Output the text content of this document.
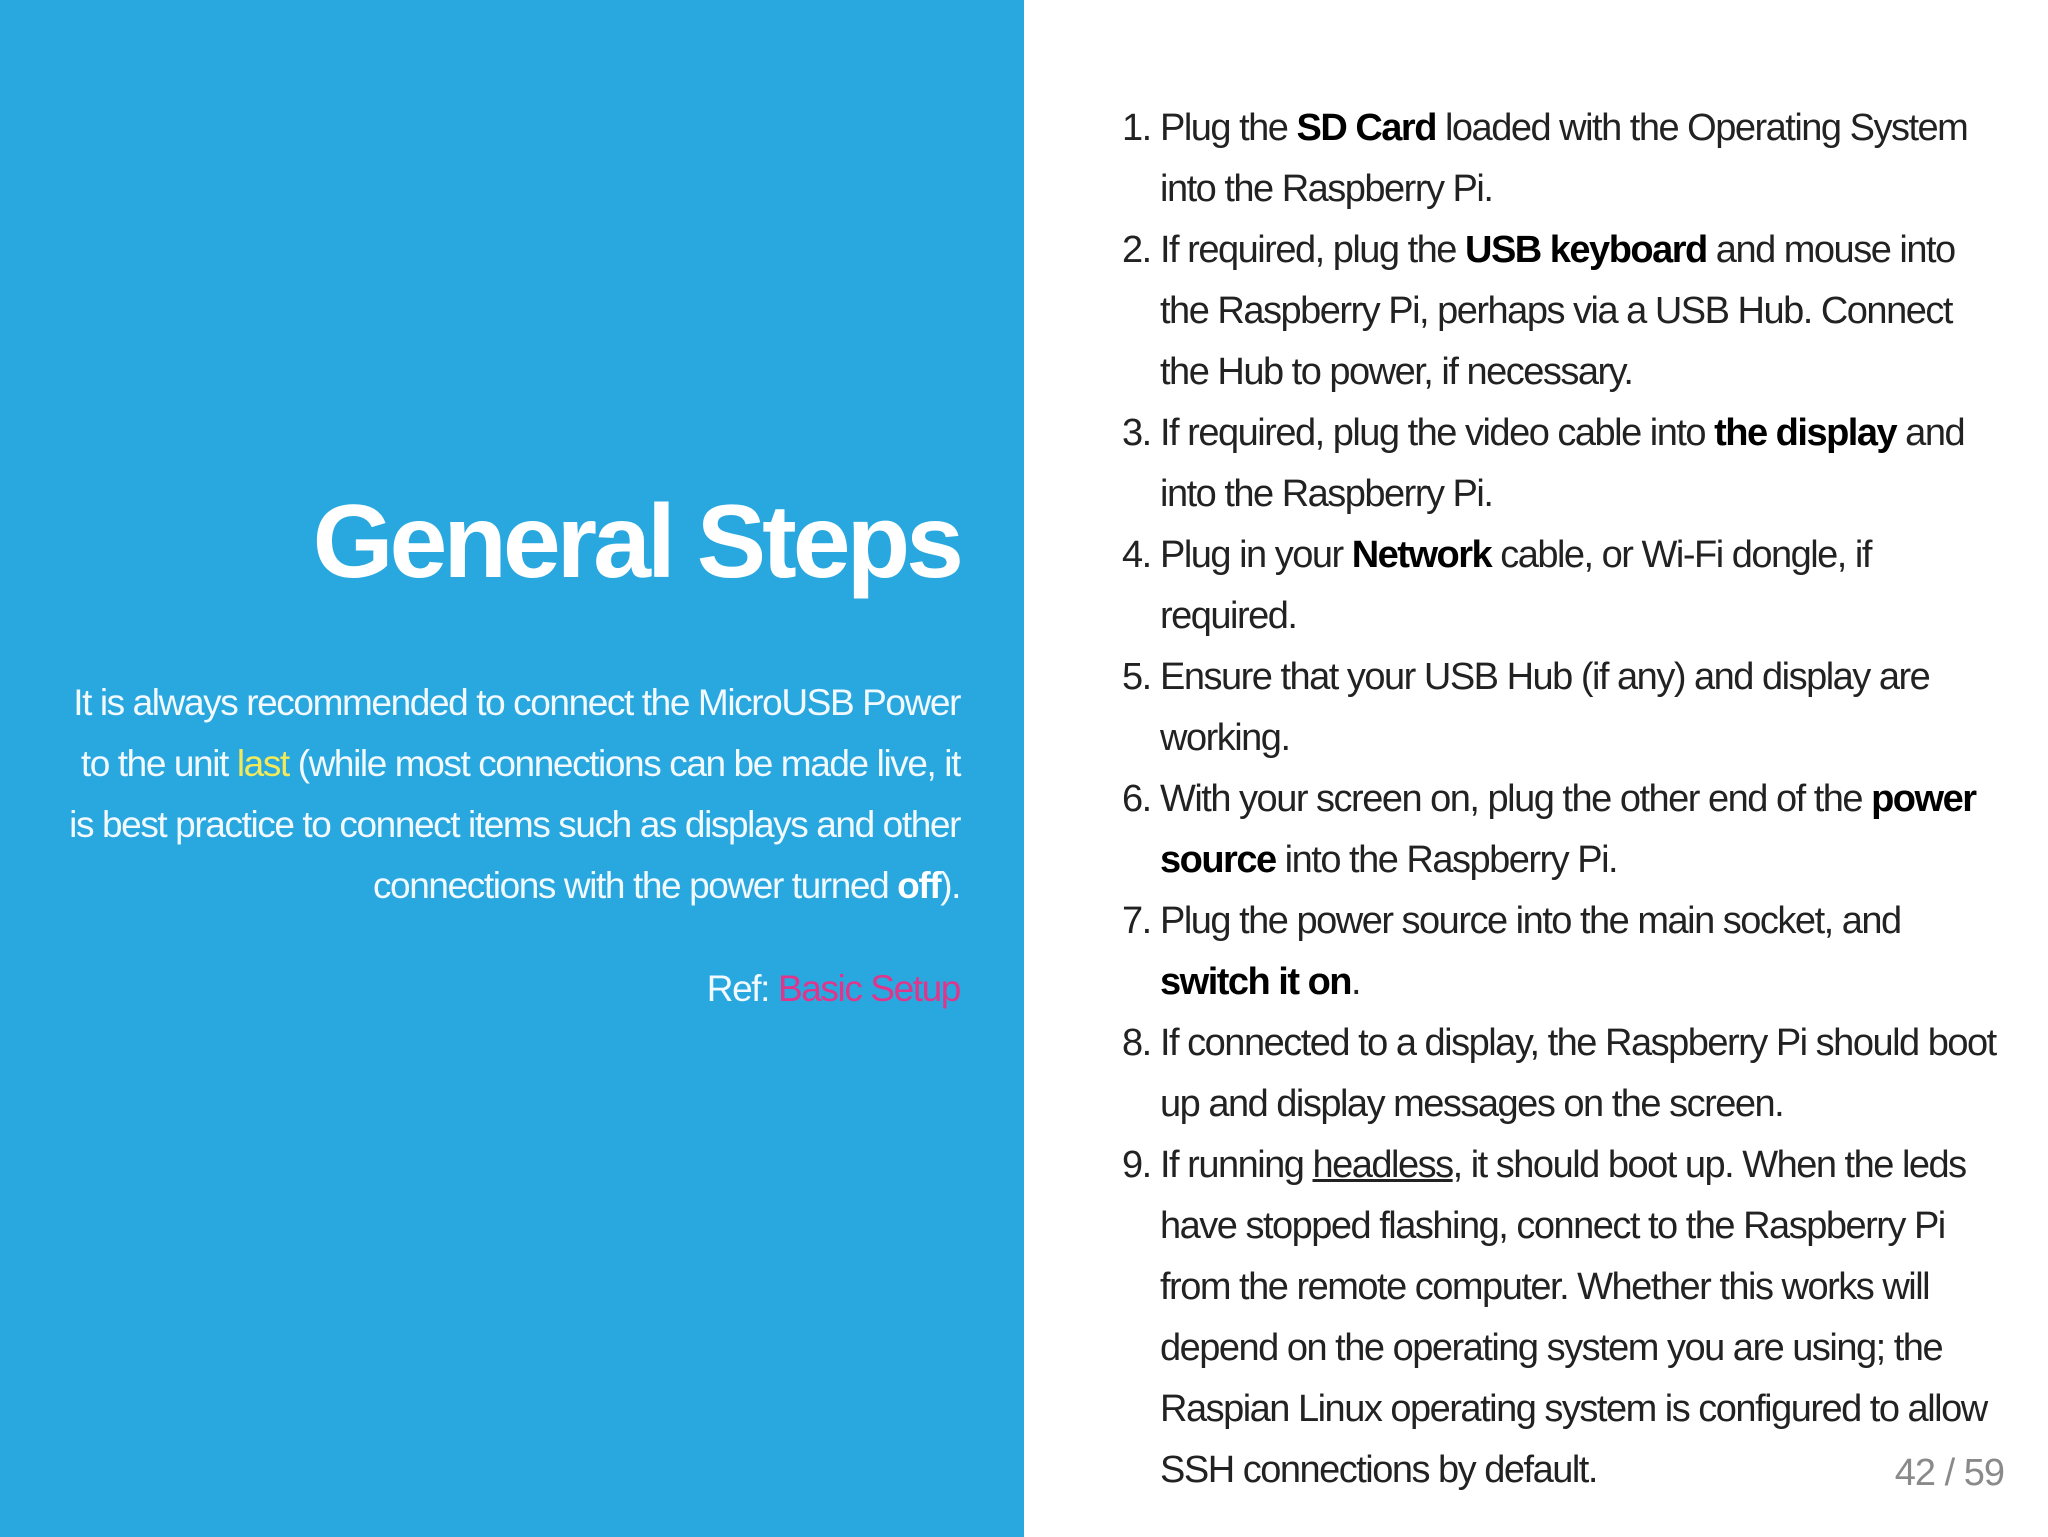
General Steps

It is always recommended to connect the MicroUSB Power to the unit last (while most connections can be made live, it is best practice to connect items such as displays and other connections with the power turned off).

Ref: Basic Setup

1. Plug the SD Card loaded with the Operating System into the Raspberry Pi.
2. If required, plug the USB keyboard and mouse into the Raspberry Pi, perhaps via a USB Hub. Connect the Hub to power, if necessary.
3. If required, plug the video cable into the display and into the Raspberry Pi.
4. Plug in your Network cable, or Wi-Fi dongle, if required.
5. Ensure that your USB Hub (if any) and display are working.
6. With your screen on, plug the other end of the power source into the Raspberry Pi.
7. Plug the power source into the main socket, and switch it on.
8. If connected to a display, the Raspberry Pi should boot up and display messages on the screen.
9. If running headless, it should boot up. When the leds have stopped flashing, connect to the Raspberry Pi from the remote computer. Whether this works will depend on the operating system you are using; the Raspian Linux operating system is configured to allow SSH connections by default.	42 / 59
